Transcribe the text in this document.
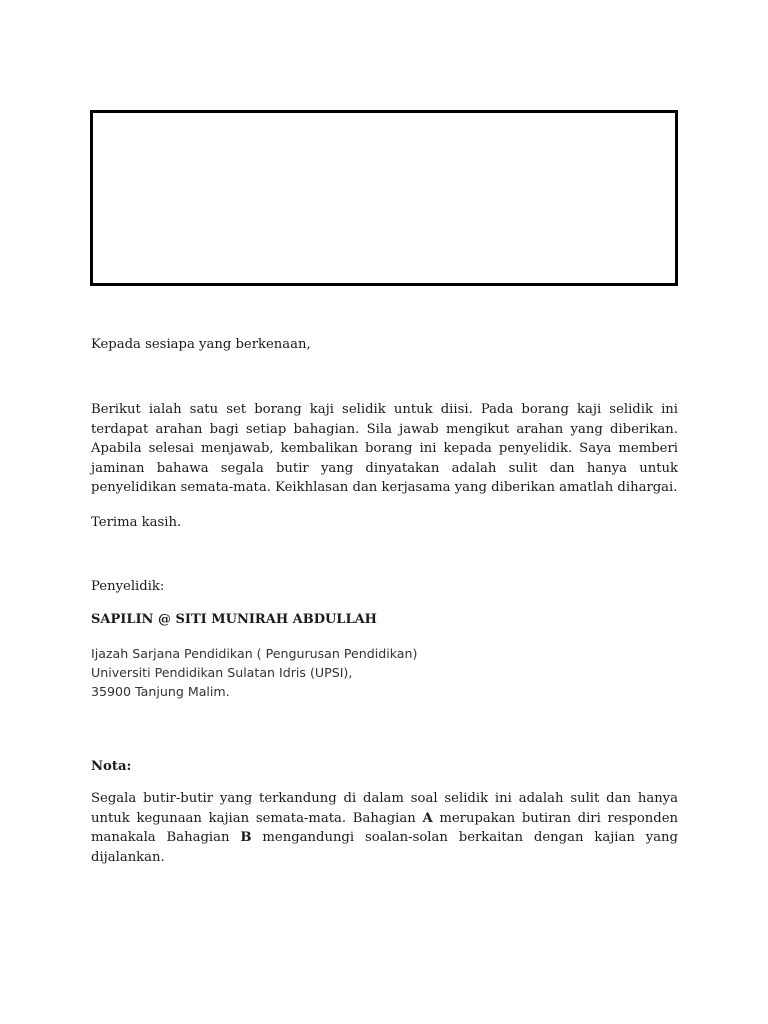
Kepada sesiapa yang berkenaan,

Berikut ialah satu set borang kaji selidik untuk diisi. Pada borang kaji selidik ini terdapat arahan bagi setiap bahagian. Sila jawab mengikut arahan yang diberikan. Apabila selesai menjawab, kembalikan borang ini kepada penyelidik. Saya memberi jaminan bahawa segala butir yang dinyatakan adalah sulit dan hanya untuk penyelidikan semata-mata. Keikhlasan dan kerjasama yang diberikan amatlah dihargai.

Terima kasih.

Penyelidik:

SAPILIN @ SITI MUNIRAH ABDULLAH

Ijazah Sarjana Pendidikan ( Pengurusan Pendidikan)
Universiti Pendidikan Sulatan Idris (UPSI),
35900 Tanjung Malim.

Nota:

Segala butir-butir yang terkandung di dalam soal selidik ini adalah sulit dan hanya untuk kegunaan kajian semata-mata. Bahagian A merupakan butiran diri responden manakala Bahagian B mengandungi soalan-solan berkaitan dengan kajian yang dijalankan.
